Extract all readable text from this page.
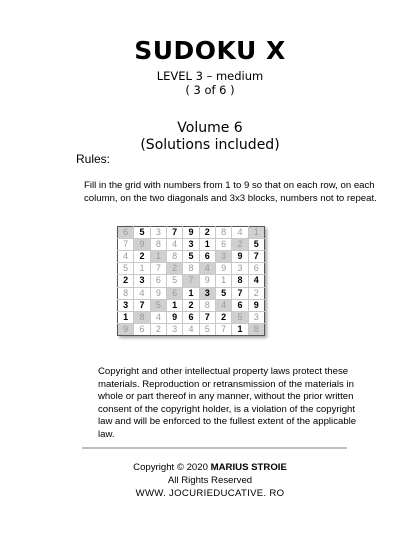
SUDOKU X
LEVEL 3 – medium
( 3 of 6 )
Volume 6
(Solutions included)
Rules:
Fill in the grid with numbers from 1 to 9 so that on each row, on each column, on the two diagonals and 3x3 blocks, numbers not to repeat.
6	5	3	7	9	2	8	4	1
7	9	8	4	3	1	6	2	5
4	2	1	8	5	6	3	9	7
5	1	7	2	8	4	9	3	6
2	3	6	5	7	9	1	8	4
8	4	9	6	1	3	5	7	2
3	7	5	1	2	8	4	6	9
1	8	4	9	6	7	2	5	3
9	6	2	3	4	5	7	1	8
Copyright and other intellectual property laws protect these materials. Reproduction or retransmission of the materials in whole or part thereof in any manner, without the prior written consent of the copyright holder, is a violation of the copyright law and will be enforced to the fullest extent of the applicable law.
Copyright © 2020 MARIUS STROIE
All Rights Reserved
WWW. JOCURIEDUCATIVE. RO
